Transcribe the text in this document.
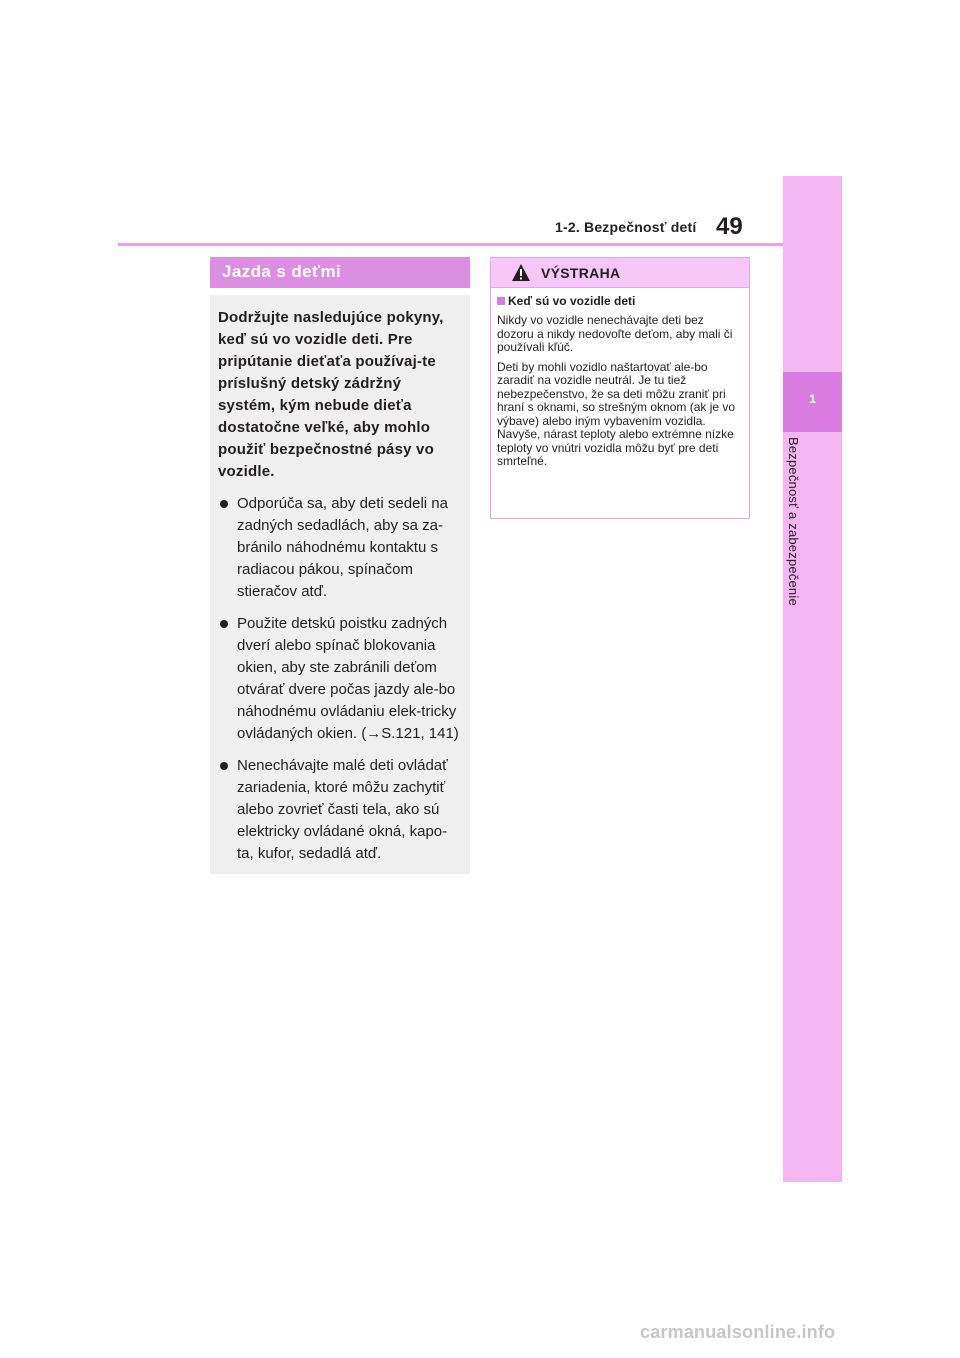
1-2. Bezpečnosť detí 49
1
Bezpečnosť a zabezpečenie
Jazda s deťmi

Dodržujte nasledujúce pokyny, keď sú vo vozidle deti. Pre pripútanie dieťaťa používaj-te príslušný detský zádržný systém, kým nebude dieťa dostatočne veľké, aby mohlo použiť bezpečnostné pásy vo vozidle.

Odporúča sa, aby deti sedeli na zadných sedadlách, aby sa za-bránilo náhodnému kontaktu s radiacou pákou, spínačom stieračov atď.
Použite detskú poistku zadných dverí alebo spínač blokovania okien, aby ste zabránili deťom otvárať dvere počas jazdy ale-bo náhodnému ovládaniu elek-tricky ovládaných okien. (→S.121, 141)
Nenechávajte malé deti ovládať zariadenia, ktoré môžu zachytiť alebo zovrieť časti tela, ako sú elektricky ovládané okná, kapo-ta, kufor, sedadlá atď.
VÝSTRAHA
Keď sú vo vozidle deti

Nikdy vo vozidle nenechávajte deti bez dozoru a nikdy nedovoľte deťom, aby mali či používali kľúč.

Deti by mohli vozidlo naštartovať ale-bo zaradiť na vozidle neutrál. Je tu tiež nebezpečenstvo, že sa deti môžu zraniť pri hraní s oknami, so strešným oknom (ak je vo výbave) alebo iným vybavením vozidla. Navyše, nárast teploty alebo extrémne nízke teploty vo vnútri vozidla môžu byť pre deti smrteľné.

carmanualsonline.info
